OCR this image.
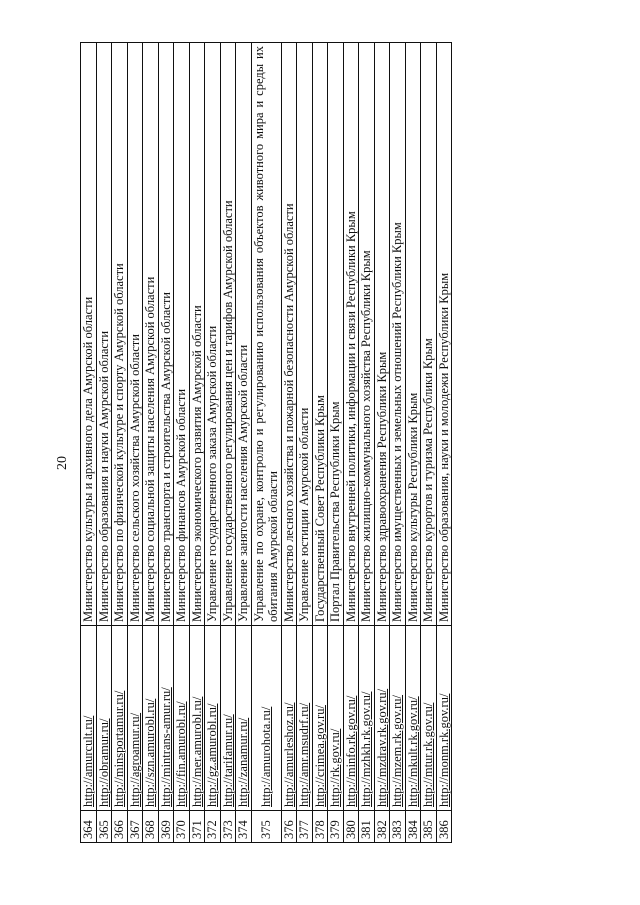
20
364	http://amurcult.ru/	Министерство культуры и архивного дела Амурской области
365	http://obramur.ru/	Министерство образования и науки Амурской области
366	http://minsportamur.ru/	Министерство по физической культуре и спорту Амурской области
367	http://agroamur.ru/	Министерство сельского хозяйства Амурской области
368	http://szn.amurobl.ru/	Министерство социальной защиты населения Амурской области
369	http://mintrans-amur.ru/	Министерство транспорта и строительства Амурской области
370	http://fin.amurobl.ru/	Министерство финансов Амурской области
371	http://mer.amurobl.ru/	Министерство экономического развития Амурской области
372	http://gz.amurobl.ru/	Управление государственного заказа Амурской области
373	http://tarifamur.ru/	Управление государственного регулирования цен и тарифов Амурской области
374	http://zanamur.ru/	Управление занятости населения Амурской области
375	http://amurohota.ru/	Управление по охране, контролю и регулированию использования объектов животного мира и среды их обитания Амурской области
376	http://amurleshoz.ru/	Министерство лесного хозяйства и пожарной безопасности Амурской области
377	http://amr.msudrf.ru/	Управление юстиции Амурской области
378	http://crimea.gov.ru/	Государственный Совет Республики Крым
379	http://rk.gov.ru/	Портал Правительства Республики Крым
380	http://minfo.rk.gov.ru/	Министерство внутренней политики, информации и связи Республики Крым
381	http://mzhkh.rk.gov.ru/	Министерство жилищно-коммунального хозяйства Республики Крым
382	http://mzdrav.rk.gov.ru/	Министерство здравоохранения Республики Крым
383	http://mzem.rk.gov.ru/	Министерство имущественных и земельных отношений Республики Крым
384	http://mkult.rk.gov.ru/	Министерство культуры Республики Крым
385	http://mtur.rk.gov.ru/	Министерство курортов и туризма Республики Крым
386	http://monm.rk.gov.ru/	Министерство образования, науки и молодежи Республики Крым
